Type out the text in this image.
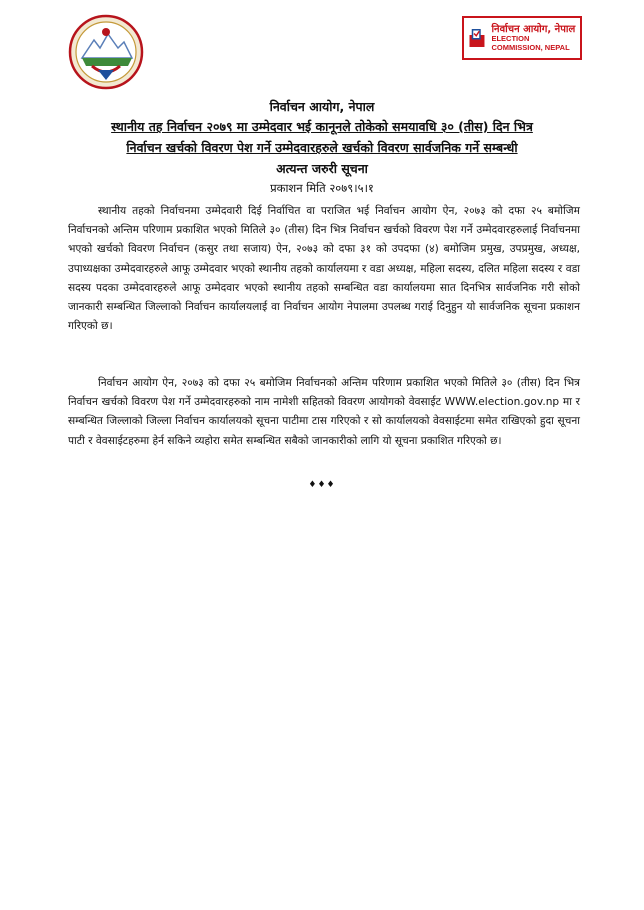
निर्वाचन आयोग, नेपाल
ELECTION COMMISSION, NEPAL
निर्वाचन आयोग, नेपाल
स्थानीय तह निर्वाचन २०७९ मा उम्मेदवार भई कानूनले तोकेको समयावधि ३० (तीस) दिन भित्र
निर्वाचन खर्चको विवरण पेश गर्ने उम्मेदवारहरुले खर्चको विवरण सार्वजनिक गर्ने सम्बन्धी
अत्यन्त जरुरी सूचना
प्रकाशन मिति २०७९।५।१

स्थानीय तहको निर्वाचनमा उम्मेदवारी दिई निर्वाचित वा पराजित भई निर्वाचन आयोग ऐन, २०७३ को दफा २५ बमोजिम निर्वाचनको अन्तिम परिणाम प्रकाशित भएको मितिले ३० (तीस) दिन भित्र निर्वाचन खर्चको विवरण पेश गर्ने उम्मेदवारहरुलाई निर्वाचनमा भएको खर्चको विवरण निर्वाचन (कसुर तथा सजाय) ऐन, २०७३ को दफा ३१ को उपदफा (४) बमोजिम प्रमुख, उपप्रमुख, अध्यक्ष, उपाध्यक्षका उम्मेदवारहरुले आफू उम्मेदवार भएको स्थानीय तहको कार्यालयमा र वडा अध्यक्ष, महिला सदस्य, दलित महिला सदस्य र वडा सदस्य पदका उम्मेदवारहरुले आफू उम्मेदवार भएको स्थानीय तहको सम्बन्धित वडा कार्यालयमा सात दिनभित्र सार्वजनिक गरी सोको जानकारी सम्बन्धित जिल्लाको निर्वाचन कार्यालयलाई वा निर्वाचन आयोग नेपालमा उपलब्ध गराई दिनुहुन यो सार्वजनिक सूचना प्रकाशन गरिएको छ।

निर्वाचन आयोग ऐन, २०७३ को दफा २५ बमोजिम निर्वाचनको अन्तिम परिणाम प्रकाशित भएको मितिले ३० (तीस) दिन भित्र निर्वाचन खर्चको विवरण पेश गर्ने उम्मेदवारहरुको नाम नामेशी सहितको विवरण आयोगको वेवसाईट WWW.election.gov.np मा र सम्बन्धित जिल्लाको जिल्ला निर्वाचन कार्यालयको सूचना पाटीमा टास गरिएको र सो कार्यालयको वेवसाईटमा समेत राखिएको हुदा सूचना पाटी र वेवसाईटहरुमा हेर्न सकिने व्यहोरा समेत सम्बन्धित सबैको जानकारीको लागि यो सूचना प्रकाशित गरिएको छ।

♦♦♦
